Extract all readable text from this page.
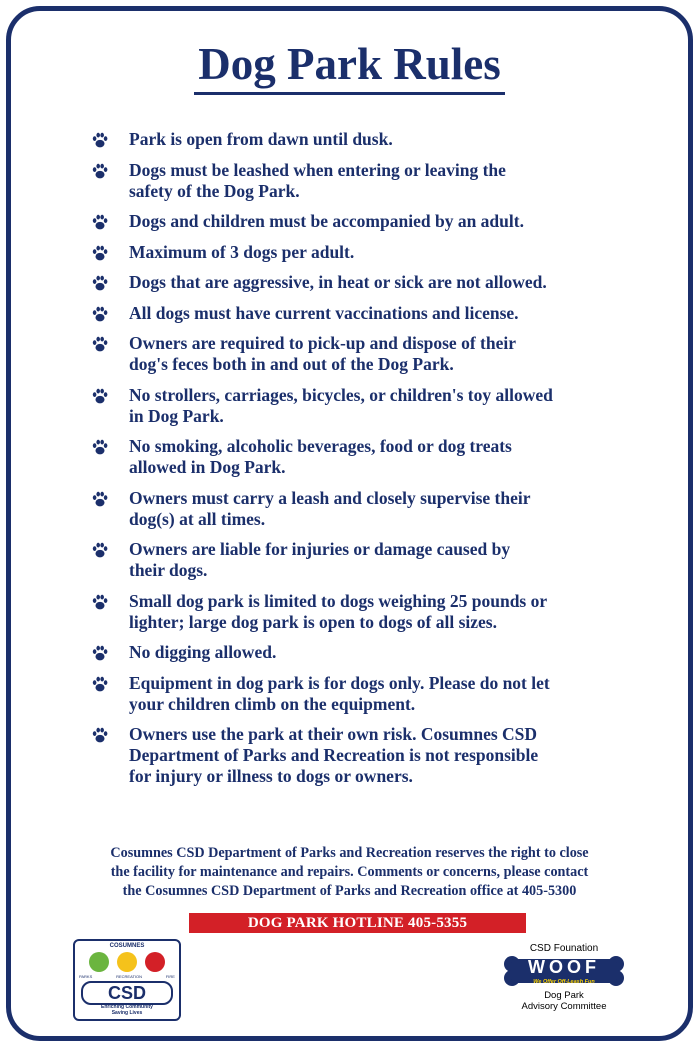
Dog Park Rules
Park is open from dawn until dusk.
Dogs must be leashed when entering or leaving the
safety of the Dog Park.
Dogs and children must be accompanied by an adult.
Maximum of 3 dogs per adult.
Dogs that are aggressive, in heat or sick are not allowed.
All dogs must have current vaccinations and license.
Owners are required to pick-up and dispose of their
dog's feces both in and out of the Dog Park.
No strollers, carriages, bicycles, or children's toy allowed
in Dog Park.
No smoking, alcoholic beverages, food or dog treats
allowed in Dog Park.
Owners must carry a leash and closely supervise their
dog(s) at all times.
Owners are liable for injuries or damage caused by
their dogs.
Small dog park is limited to dogs weighing 25 pounds or
lighter; large dog park is open to dogs of all sizes.
No digging allowed.
Equipment in dog park is for dogs only. Please do not let
your children climb on the equipment.
Owners use the park at their own risk. Cosumnes CSD
Department of Parks and Recreation is not responsible
for injury or illness to dogs or owners.
Cosumnes CSD Department of Parks and Recreation reserves the right to close
the facility for maintenance and repairs. Comments or concerns, please contact
the Cosumnes CSD Department of Parks and Recreation office at 405-5300
DOG PARK HOTLINE 405-5355
COSUMNES
PARKS	RECREATION	FIRE
CSD
Enriching Community
Saving Lives
CSD Founation
WOOF
We Offer Off-Leash Fun
Dog Park
Advisory Committee
